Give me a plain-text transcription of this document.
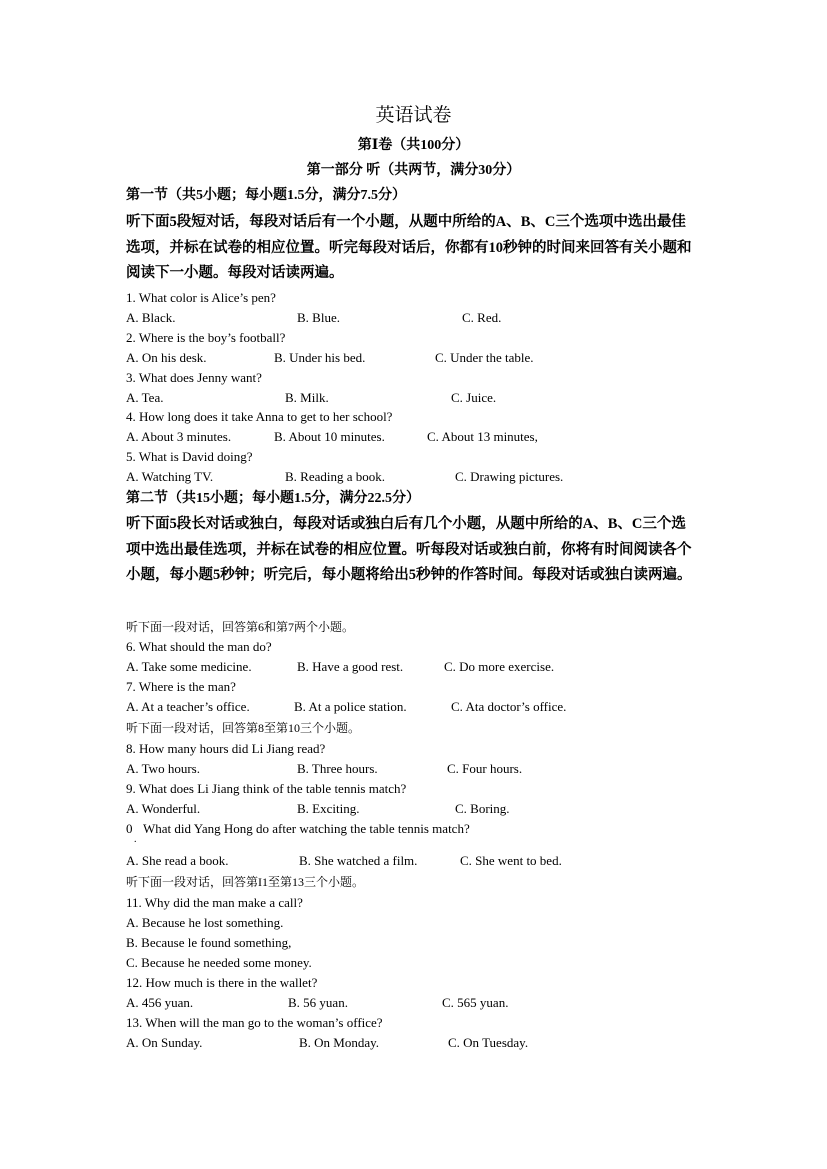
英语试卷
第Ⅰ卷（共100分）
第一部分 听（共两节，满分30分）
第一节（共5小题；每小题1.5分，满分7.5分）
听下面5段短对话，每段对话后有一个小题，从题中所给的A、B、C三个选项中选出最佳选项，并标在试卷的相应位置。听完每段对话后，你都有10秒钟的时间来回答有关小题和阅读下一小题。每段对话读两遍。
1. What color is Alice’s pen?
A. Black.	B. Blue.	C. Red.
2. Where is the boy’s football?
A. On his desk.	B. Under his bed.	C. Under the table.
3. What does Jenny want?
A. Tea.	B. Milk.	C. Juice.
4. How long does it take Anna to get to her school?
A. About 3 minutes.	B. About 10 minutes.	C. About 13 minutes,
5. What is David doing?
A. Watching TV.	B. Reading a book.	C. Drawing pictures.
第二节（共15小题；每小题1.5分，满分22.5分）
听下面5段长对话或独白，每段对话或独白后有几个小题，从题中所给的A、B、C三个选项中选出最佳选项，并标在试卷的相应位置。听每段对话或独白前，你将有时间阅读各个小题，每小题5秒钟；听完后，每小题将给出5秒钟的作答时间。每段对话或独白读两遍。
听下面一段对话，回答第6和第7两个小题。
6. What should the man do?
A. Take some medicine.	B. Have a good rest.	C. Do more exercise.
7. Where is the man?
A. At a teacher’s office.	B. At a police station.	C. Ata doctor’s office.
听下面一段对话，回答第8至第10三个小题。
8. How many hours did Li Jiang read?
A. Two hours.	B. Three hours.	C. Four hours.
9. What does Li Jiang think of the table tennis match?
A. Wonderful.	B. Exciting.	C. Boring.
0 What did Yang Hong do after watching the table tennis match?
.
A. She read a book.	B. She watched a film.	C. She went to bed.
听下面一段对话，回答第I1至第13三个小题。
11. Why did the man make a call?
A. Because he lost something.
B. Because le found something,
C. Because he needed some money.
12. How much is there in the wallet?
A. 456 yuan.	B. 56 yuan.	C. 565 yuan.
13. When will the man go to the woman’s office?
A. On Sunday.	B. On Monday.	C. On Tuesday.
